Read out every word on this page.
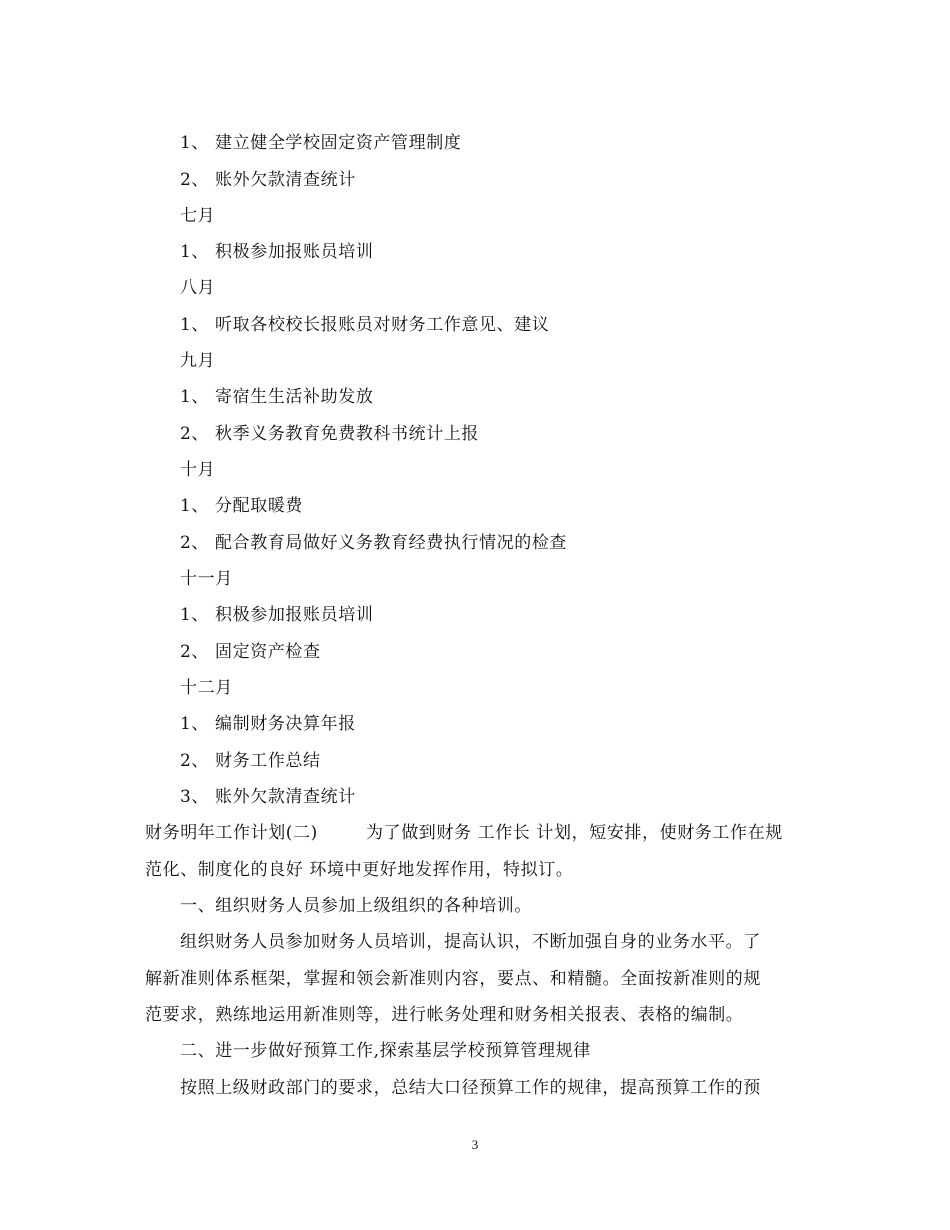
1、 建立健全学校固定资产管理制度
2、 账外欠款清查统计
七月
1、 积极参加报账员培训
八月
1、 听取各校校长报账员对财务工作意见、建议
九月
1、 寄宿生生活补助发放
2、 秋季义务教育免费教科书统计上报
十月
1、 分配取暖费
2、 配合教育局做好义务教育经费执行情况的检查
十一月
1、 积极参加报账员培训
2、 固定资产检查
十二月
1、 编制财务决算年报
2、 财务工作总结
3、 账外欠款清查统计
财务明年工作计划(二)	为了做到财务 工作长 计划，短安排，使财务工作在规
范化、制度化的良好 环境中更好地发挥作用，特拟订。
一、组织财务人员参加上级组织的各种培训。
组织财务人员参加财务人员培训，提高认识，不断加强自身的业务水平。了
解新准则体系框架，掌握和领会新准则内容，要点、和精髓。全面按新准则的规
范要求，熟练地运用新准则等，进行帐务处理和财务相关报表、表格的编制。
二、进一步做好预算工作,探索基层学校预算管理规律
按照上级财政部门的要求，总结大口径预算工作的规律，提高预算工作的预
3
